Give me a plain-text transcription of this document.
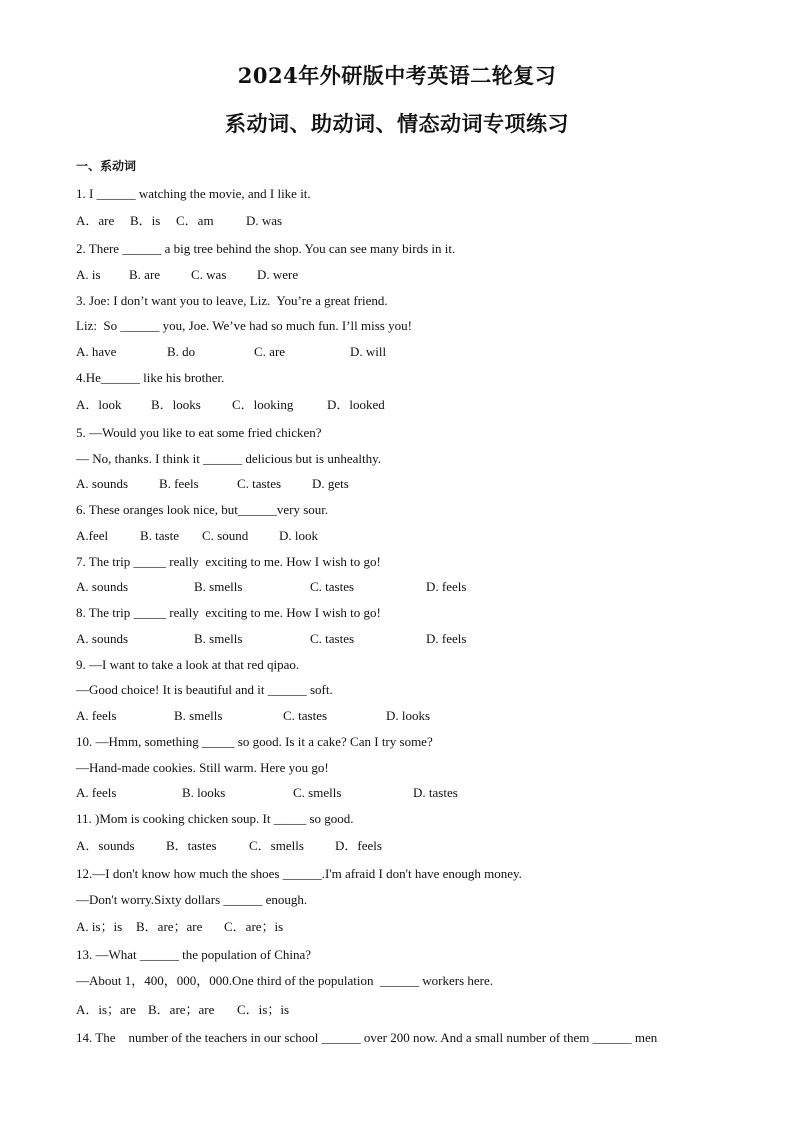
2024年外研版中考英语二轮复习
系动词、助动词、情态动词专项练习
一、系动词
1. I ______ watching the movie, and I like it.
A．are B．is C．am D. was
2. There ______ a big tree behind the shop. You can see many birds in it.
A. is B. are C. was D. were
3. Joe: I don’t want you to leave, Liz.  You’re a great friend.
Liz:  So ______ you, Joe. We’ve had so much fun. I’ll miss you!
A. have	B. do	C. are	D. will
4.He______ like his brother.
A．look B．looks C．looking	D．looked
5. —Would you like to eat some fried chicken?
— No, thanks. I think it ______ delicious but is unhealthy.
A. sounds B. feels	C. tastes D. gets
6. These oranges look nice, but______very sour.
A.feel B. taste C. sound D. look
7. The trip _____ really  exciting to me. How I wish to go!
A. sounds	B. smells	C. tastes	D. feels
8. The trip _____ really  exciting to me. How I wish to go!
A. sounds	B. smells	C. tastes	D. feels
9. —I want to take a look at that red qipao.
—Good choice! It is beautiful and it ______ soft.
A. feels	B. smells	C. tastes	D. looks
10. —Hmm, something _____ so good. Is it a cake? Can I try some?
—Hand-made cookies. Still warm. Here you go!
A. feels	B. looks	C. smells	D. tastes
11. )Mom is cooking chicken soup. It _____ so good.
A．sounds B．tastes C．smells D．feels
12.—I don't know how much the shoes ______.I'm afraid I don't have enough money.
—Don't worry.Sixty dollars ______ enough.
A. is；is B．are；are C．are；is
13. —What ______ the population of China?
—About 1，400，000，000.One third of the population  ______ workers here.
A．is；are B．are；are C．is；is
14. The    number of the teachers in our school ______ over 200 now. And a small number of them ______ men
